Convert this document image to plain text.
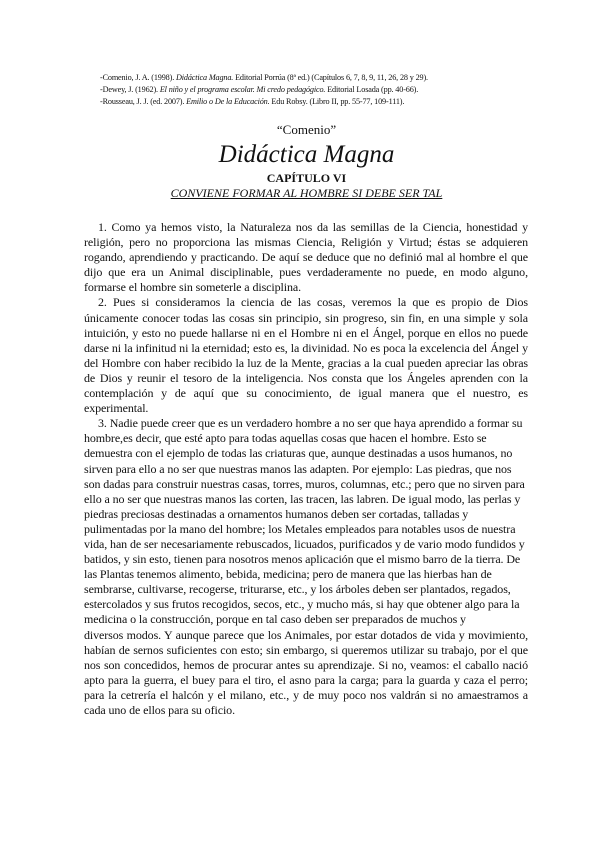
-Comenio, J. A. (1998). Didáctica Magna. Editorial Porrúa (8ª ed.) (Capítulos 6, 7, 8, 9, 11, 26, 28 y 29).
-Dewey, J. (1962). El niño y el programa escolar. Mi credo pedagógico. Editorial Losada (pp. 40-66).
-Rousseau, J. J. (ed. 2007). Emilio o De la Educación. Edu Robsy. (Libro II, pp. 55-77, 109-111).
“Comenio”
Didáctica Magna
CAPÍTULO VI
CONVIENE FORMAR AL HOMBRE SI DEBE SER TAL

1. Como ya hemos visto, la Naturaleza nos da las semillas de la Ciencia, honestidad y religión, pero no proporciona las mismas Ciencia, Religión y Virtud; éstas se adquieren rogando, aprendiendo y practicando. De aquí se deduce que no definió mal al hombre el que dijo que era un Animal disciplinable, pues verdaderamente no puede, en modo alguno, formarse el hombre sin someterle a disciplina.

2. Pues si consideramos la ciencia de las cosas, veremos la que es propio de Dios únicamente conocer todas las cosas sin principio, sin progreso, sin fin, en una simple y sola intuición, y esto no puede hallarse ni en el Hombre ni en el Ángel, porque en ellos no puede darse ni la infinitud ni la eternidad; esto es, la divinidad. No es poca la excelencia del Ángel y del Hombre con haber recibido la luz de la Mente, gracias a la cual pueden apreciar las obras de Dios y reunir el tesoro de la inteligencia. Nos consta que los Ángeles aprenden con la contemplación y de aquí que su conocimiento, de igual manera que el nuestro, es experimental.

3. Nadie puede creer que es un verdadero hombre a no ser que haya aprendido a formar su hombre,es decir, que esté apto para todas aquellas cosas que hacen el hombre. Esto se demuestra con el ejemplo de todas las criaturas que, aunque destinadas a usos humanos, no sirven para ello a no ser que nuestras manos las adapten. Por ejemplo: Las piedras, que nos son dadas para construir nuestras casas, torres, muros, columnas, etc.; pero que no sirven para ello a no ser que nuestras manos las corten, las tracen, las labren. De igual modo, las perlas y piedras preciosas destinadas a ornamentos humanos deben ser cortadas, talladas y pulimentadas por la mano del hombre; los Metales empleados para notables usos de nuestra vida, han de ser necesariamente rebuscados, licuados, purificados y de vario modo fundidos y batidos, y sin esto, tienen para nosotros menos aplicación que el mismo barro de la tierra. De las Plantas tenemos alimento, bebida, medicina; pero de manera que las hierbas han de sembrarse, cultivarse, recogerse, triturarse, etc., y los árboles deben ser plantados, regados, estercolados y sus frutos recogidos, secos, etc., y mucho más, si hay que obtener algo para la medicina o la construcción, porque en tal caso deben ser preparados de muchos y

diversos modos. Y aunque parece que los Animales, por estar dotados de vida y movimiento, habían de sernos suficientes con esto; sin embargo, si queremos utilizar su trabajo, por el que nos son concedidos, hemos de procurar antes su aprendizaje. Si no, veamos: el caballo nació apto para la guerra, el buey para el tiro, el asno para la carga; para la guarda y caza el perro; para la cetrería el halcón y el milano, etc., y de muy poco nos valdrán si no amaestramos a cada uno de ellos para su oficio.
